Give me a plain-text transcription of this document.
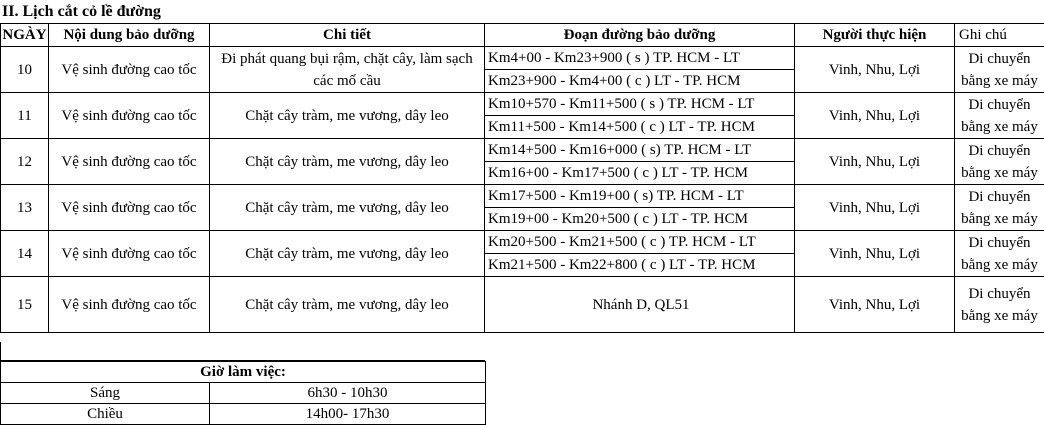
II. Lịch cắt cỏ lề đường
NGÀY	Nội dung bảo dưỡng	Chi tiết	Đoạn đường bảo dưỡng	Người thực hiện	Ghi chú
10	Vệ sinh đường cao tốc	Đi phát quang bụi rậm, chặt cây, làm sạch các mố cầu	Km4+00 - Km23+900 ( s ) TP. HCM - LT	Vinh, Nhu, Lợi	Di chuyển bằng xe máy
			Km23+900 - Km4+00 ( c ) LT - TP. HCM		
11	Vệ sinh đường cao tốc	Chặt cây tràm, me vương, dây leo	Km10+570 - Km11+500 ( s ) TP. HCM - LT	Vinh, Nhu, Lợi	Di chuyển bằng xe máy
			Km11+500 - Km14+500 ( c ) LT - TP. HCM		
12	Vệ sinh đường cao tốc	Chặt cây tràm, me vương, dây leo	Km14+500 - Km16+000 ( s) TP. HCM - LT	Vinh, Nhu, Lợi	Di chuyển bằng xe máy
			Km16+00 - Km17+500 ( c ) LT - TP. HCM		
13	Vệ sinh đường cao tốc	Chặt cây tràm, me vương, dây leo	Km17+500 - Km19+00 ( s) TP. HCM - LT	Vinh, Nhu, Lợi	Di chuyển bằng xe máy
			Km19+00 - Km20+500 ( c ) LT - TP. HCM		
14	Vệ sinh đường cao tốc	Chặt cây tràm, me vương, dây leo	Km20+500 - Km21+500 ( c ) TP. HCM - LT	Vinh, Nhu, Lợi	Di chuyển bằng xe máy
			Km21+500 - Km22+800 ( c ) LT - TP. HCM		
15	Vệ sinh đường cao tốc	Chặt cây tràm, me vương, dây leo	Nhánh D, QL51	Vinh, Nhu, Lợi	Di chuyển bằng xe máy
Giờ làm việc:	
Sáng	6h30 - 10h30
Chiều	14h00- 17h30
